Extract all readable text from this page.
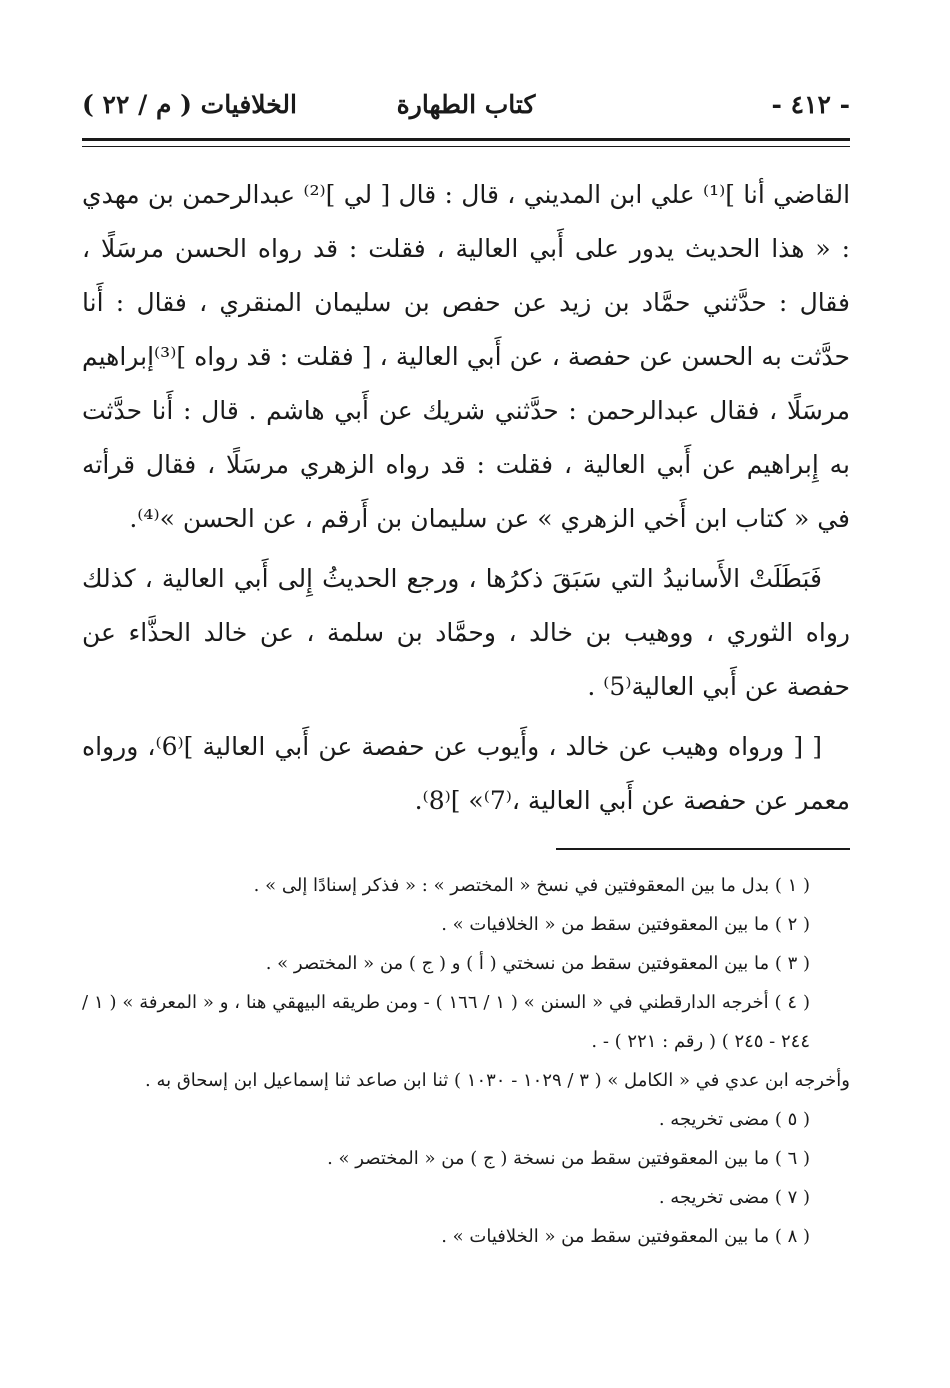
- ٤١٢ -
كتاب الطهارة
الخلافيات ( م / ٢٢ )

القاضي أنا ]⁽¹⁾ علي ابن المديني ، قال : قال [ لي ]⁽²⁾ عبدالرحمن بن مهدي : « هذا الحديث يدور على أَبي العالية ، فقلت : قد رواه الحسن مرسَلًا ، فقال : حدَّثني حمَّاد بن زيد عن حفص بن سليمان المنقري ، فقال : أَنا حدَّثت به الحسن عن حفصة ، عن أَبي العالية ، [ فقلت : قد رواه ]⁽³⁾إبراهيم مرسَلًا ، فقال عبدالرحمن : حدَّثني شريك عن أَبي هاشم . قال : أَنا حدَّثت به إِبراهيم عن أَبي العالية ، فقلت : قد رواه الزهري مرسَلًا ، فقال قرأته في « كتاب ابن أَخي الزهري » عن سليمان بن أَرقم ، عن الحسن »⁽⁴⁾.

فَبَطَلَتْ الأَسانيدُ التي سَبَقَ ذكرُها ، ورجع الحديثُ إِلى أَبي العالية ، كذلك رواه الثوري ، ووهيب بن خالد ، وحمَّاد بن سلمة ، عن خالد الحذَّاء عن حفصة عن أَبي العالية⁽5⁾ .

[ [ ورواه وهيب عن خالد ، وأَيوب عن حفصة عن أَبي العالية ]⁽6⁾، ورواه معمر عن حفصة عن أَبي العالية ،⁽7⁾» ]⁽8⁾.

( ١ ) بدل ما بين المعقوفتين في نسخ « المختصر » : « فذكر إسنادًا إلى » .

( ٢ ) ما بين المعقوفتين سقط من « الخلافيات » .

( ٣ ) ما بين المعقوفتين سقط من نسختي ( أ ) و ( ج ) من « المختصر » .

( ٤ ) أخرجه الدارقطني في « السنن » ( ١ / ١٦٦ ) - ومن طريقه البيهقي هنا ، و « المعرفة » ( ١ / ٢٤٤ - ٢٤٥ ) ( رقم : ٢٢١ ) - .

وأخرجه ابن عدي في « الكامل » ( ٣ / ١٠٢٩ - ١٠٣٠ ) ثنا ابن صاعد ثنا إسماعيل ابن إسحاق به .

( ٥ ) مضى تخريجه .

( ٦ ) ما بين المعقوفتين سقط من نسخة ( ج ) من « المختصر » .

( ٧ ) مضى تخريجه .

( ٨ ) ما بين المعقوفتين سقط من « الخلافيات » .
